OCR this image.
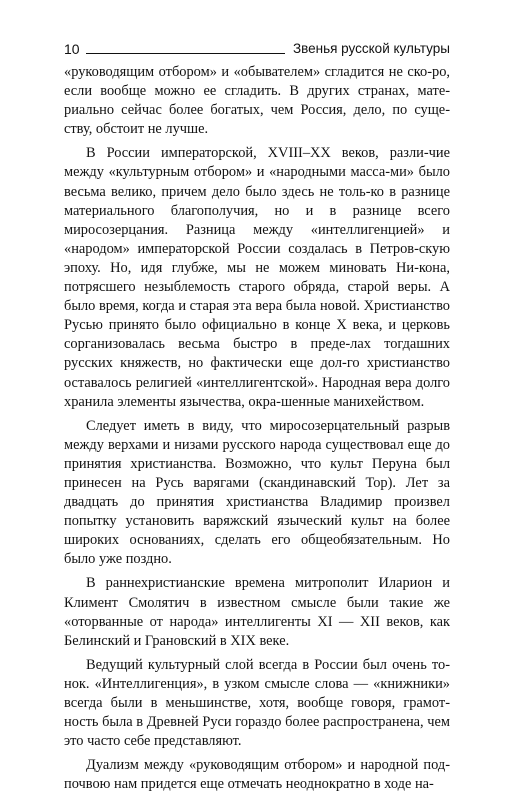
10	Звенья русской культуры

«руководящим отбором» и «обывателем» сгладится не ско-ро, если вообще можно ее сгладить. В других странах, мате-риально сейчас более богатых, чем Россия, дело, по суще-ству, обстоит не лучше.

В России императорской, XVIII–XX веков, разли-чие между «культурным отбором» и «народными масса-ми» было весьма велико, причем дело было здесь не толь-ко в разнице материального благополучия, но и в разнице всего миросозерцания. Разница между «интеллигенцией» и «народом» императорской России создалась в Петров-скую эпоху. Но, идя глубже, мы не можем миновать Ни-кона, потрясшего незыблемость старого обряда, старой веры. А было время, когда и старая эта вера была новой. Христианство Русью принято было официально в конце X века, и церковь сорганизовалась весьма быстро в преде-лах тогдашних русских княжеств, но фактически еще дол-го христианство оставалось религией «интеллигентской». Народная вера долго хранила элементы язычества, окра-шенные манихейством.

Следует иметь в виду, что миросозерцательный разрыв между верхами и низами русского народа существовал еще до принятия христианства. Возможно, что культ Перуна был принесен на Русь варягами (скандинавский Тор). Лет за двадцать до принятия христианства Владимир произвел попытку установить варяжский языческий культ на более широких основаниях, сделать его общеобязательным. Но было уже поздно.

В раннехристианские времена митрополит Иларион и Климент Смолятич в известном смысле были такие же «оторванные от народа» интеллигенты XI — XII веков, как Белинский и Грановский в XIX веке.

Ведущий культурный слой всегда в России был очень то-нок. «Интеллигенция», в узком смысле слова — «книжники» всегда были в меньшинстве, хотя, вообще говоря, грамот-ность была в Древней Руси гораздо более распространена, чем это часто себе представляют.

Дуализм между «руководящим отбором» и народной под-почвою нам придется еще отмечать неоднократно в ходе на-
